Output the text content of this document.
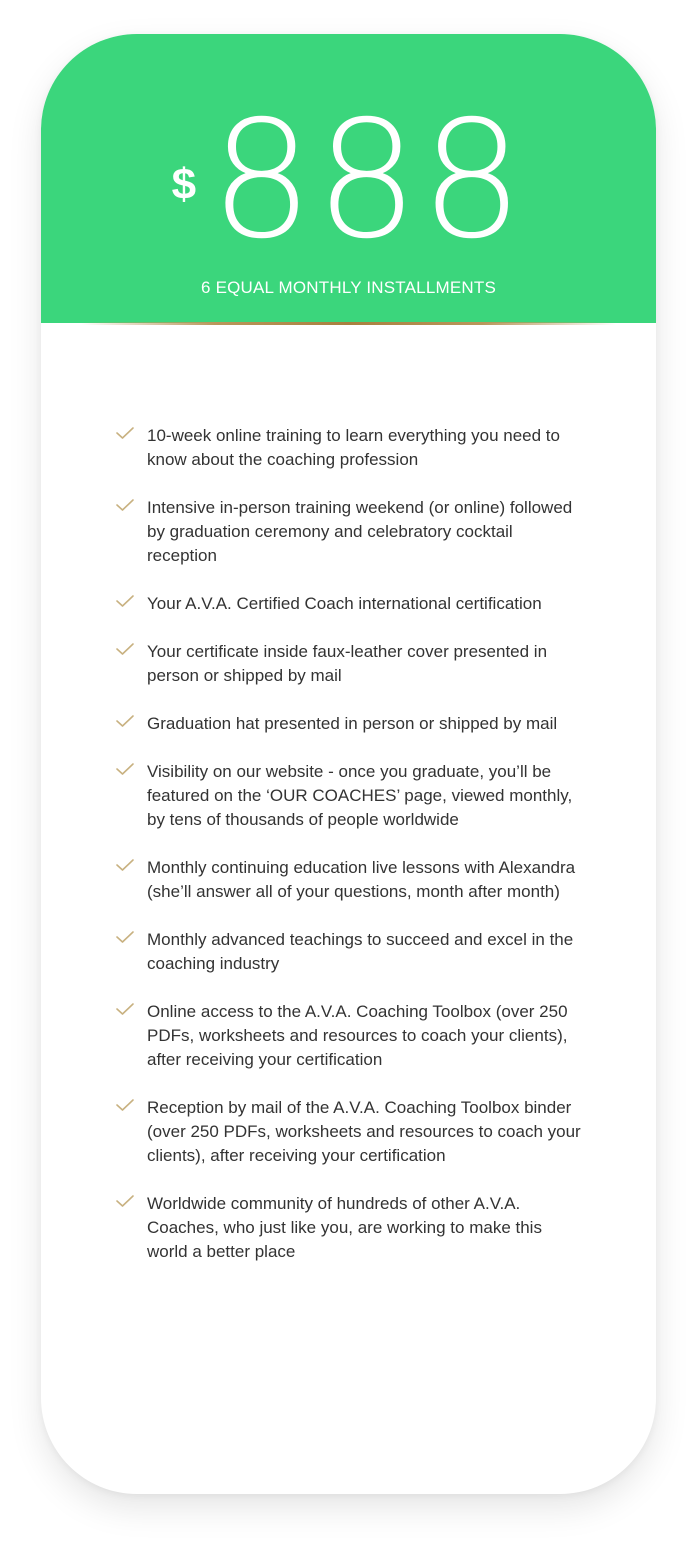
$888
6 EQUAL MONTHLY INSTALLMENTS
10-week online training to learn everything you need to know about the coaching profession
Intensive in-person training weekend (or online) followed by graduation ceremony and celebratory cocktail reception
Your A.V.A. Certified Coach international certification
Your certificate inside faux-leather cover presented in person or shipped by mail
Graduation hat presented in person or shipped by mail
Visibility on our website - once you graduate, you’ll be featured on the ‘OUR COACHES’ page, viewed monthly, by tens of thousands of people worldwide
Monthly continuing education live lessons with Alexandra (she’ll answer all of your questions, month after month)
Monthly advanced teachings to succeed and excel in the coaching industry
Online access to the A.V.A. Coaching Toolbox (over 250 PDFs, worksheets and resources to coach your clients), after receiving your certification
Reception by mail of the A.V.A. Coaching Toolbox binder (over 250 PDFs, worksheets and resources to coach your clients), after receiving your certification
Worldwide community of hundreds of other A.V.A. Coaches, who just like you, are working to make this world a better place
